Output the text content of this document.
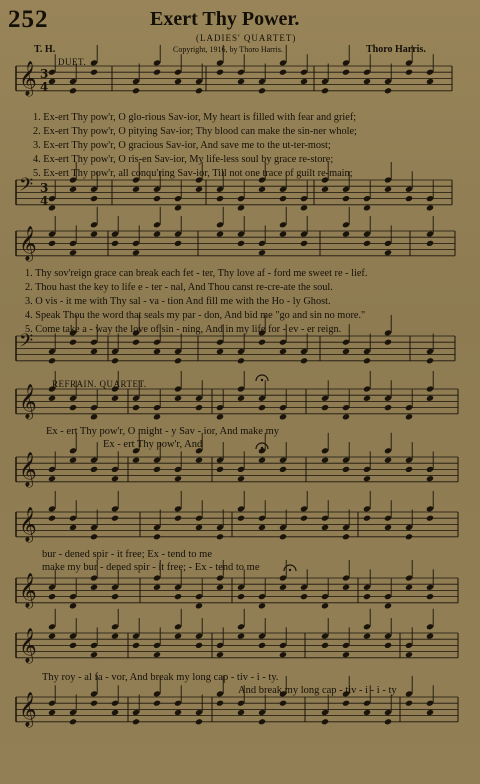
𝄞
𝄢
𝄞
𝄢
𝄞
𝄞
𝄞
𝄞
𝄞
𝄞
3
4
3
4
252	Exert Thy Power.
(LADIES' QUARTET)
T. H.	Copyright, 1916, by Thoro Harris.	Thoro Harris.
DUET.
REFRAIN. QUARTET.
1. Ex-ert Thy pow'r, O glo-rious Sav-ior, My heart is filled with fear and grief;
2. Ex-ert Thy pow'r, O pitying Sav-ior; Thy blood can make the sin-ner whole;
3. Ex-ert Thy pow'r, O gracious Sav-ior, And save me to the ut-ter-most;
4. Ex-ert Thy pow'r, O ris-en Sav-ior, My life-less soul by grace re-store;
5. Ex-ert Thy pow'r, all conqu'ring Sav-ior, Till not one trace of guilt re-main;
1. Thy sov'reign grace can break each fet - ter, Thy love af - ford me sweet re - lief.
2. Thou hast the key to life e - ter - nal, And Thou canst re-cre-ate the soul.
3. O vis - it me with Thy sal - va - tion And fill me with the Ho - ly Ghost.
4. Speak Thou the word that seals my par - don, And bid me "go and sin no more."
5. Come take a - way the love of sin - ning, And in my life for - ev - er reign.
Ex - ert Thy pow'r, O might - y Sav - ior, And make my
Ex - ert Thy pow'r, And
bur - dened spir - it free; Ex - tend to me
make my bur - dened spir - it free; - Ex - tend to me
Thy roy - al fa - vor, And break my long cap - tiv - i - ty.
And break my long cap - tiv - i - i - ty
